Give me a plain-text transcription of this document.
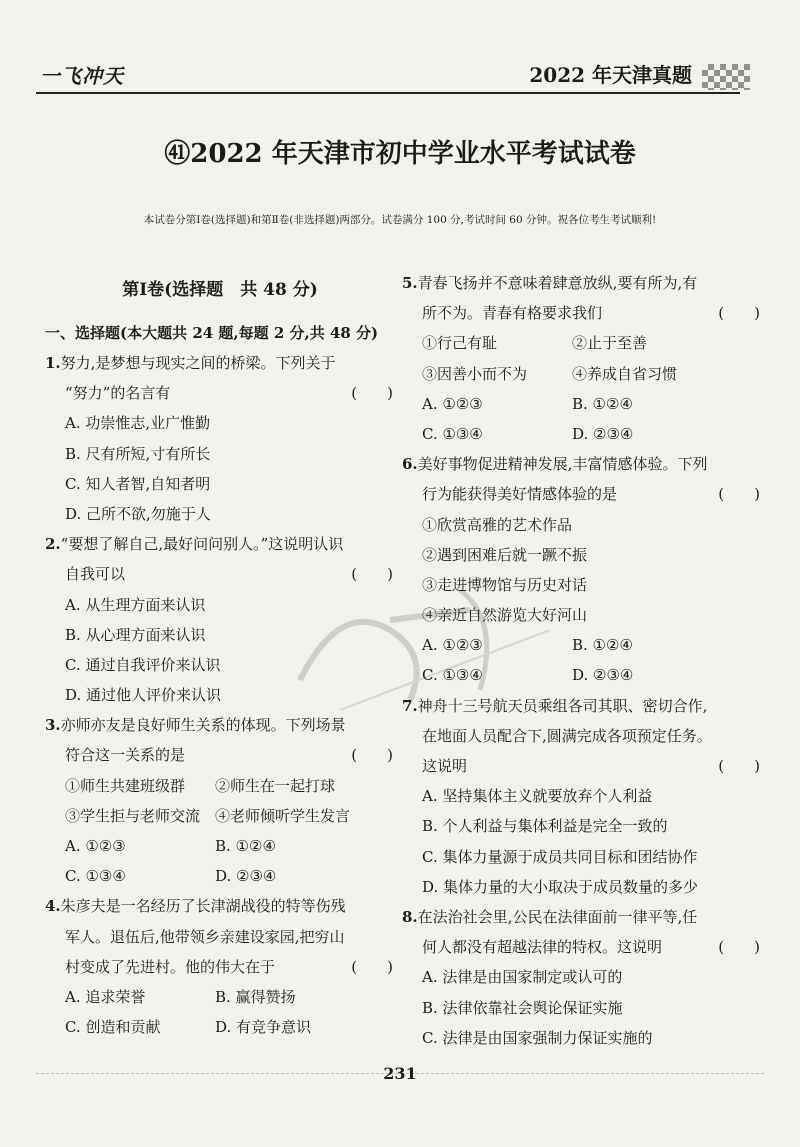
一飞冲天	2022 年天津真题
㊶2022 年天津市初中学业水平考试试卷
本试卷分第Ⅰ卷(选择题)和第Ⅱ卷(非选择题)两部分。试卷满分 100 分,考试时间 60 分钟。祝各位考生考试顺利!
第Ⅰ卷(选择题　共 48 分)
一、选择题(本大题共 24 题,每题 2 分,共 48 分)
1.努力,是梦想与现实之间的桥梁。下列关于
“努力”的名言有	(　　)
A. 功崇惟志,业广惟勤
B. 尺有所短,寸有所长
C. 知人者智,自知者明
D. 己所不欲,勿施于人
2.“要想了解自己,最好问问别人。”这说明认识
自我可以	(　　)
A. 从生理方面来认识
B. 从心理方面来认识
C. 通过自我评价来认识
D. 通过他人评价来认识
3.亦师亦友是良好师生关系的体现。下列场景
符合这一关系的是	(　　)
①师生共建班级群	②师生在一起打球
③学生拒与老师交流 ④老师倾听学生发言
A. ①②③	B. ①②④
C. ①③④	D. ②③④
4.朱彦夫是一名经历了长津湖战役的特等伤残
军人。退伍后,他带领乡亲建设家园,把穷山
村变成了先进村。他的伟大在于	(　　)
A. 追求荣誉	B. 赢得赞扬
C. 创造和贡献	D. 有竞争意识
5.青春飞扬并不意味着肆意放纵,要有所为,有
所不为。青春有格要求我们	(　　)
①行己有耻	②止于至善
③因善小而不为	④养成自省习惯
A. ①②③	B. ①②④
C. ①③④	D. ②③④
6.美好事物促进精神发展,丰富情感体验。下列
行为能获得美好情感体验的是	(　　)
①欣赏高雅的艺术作品
②遇到困难后就一蹶不振
③走进博物馆与历史对话
④亲近自然游览大好河山
A. ①②③	B. ①②④
C. ①③④	D. ②③④
7.神舟十三号航天员乘组各司其职、密切合作,
在地面人员配合下,圆满完成各项预定任务。
这说明	(　　)
A. 坚持集体主义就要放弃个人利益
B. 个人利益与集体利益是完全一致的
C. 集体力量源于成员共同目标和团结协作
D. 集体力量的大小取决于成员数量的多少
8.在法治社会里,公民在法律面前一律平等,任
何人都没有超越法律的特权。这说明	(　　)
A. 法律是由国家制定或认可的
B. 法律依靠社会舆论保证实施
C. 法律是由国家强制力保证实施的
231
